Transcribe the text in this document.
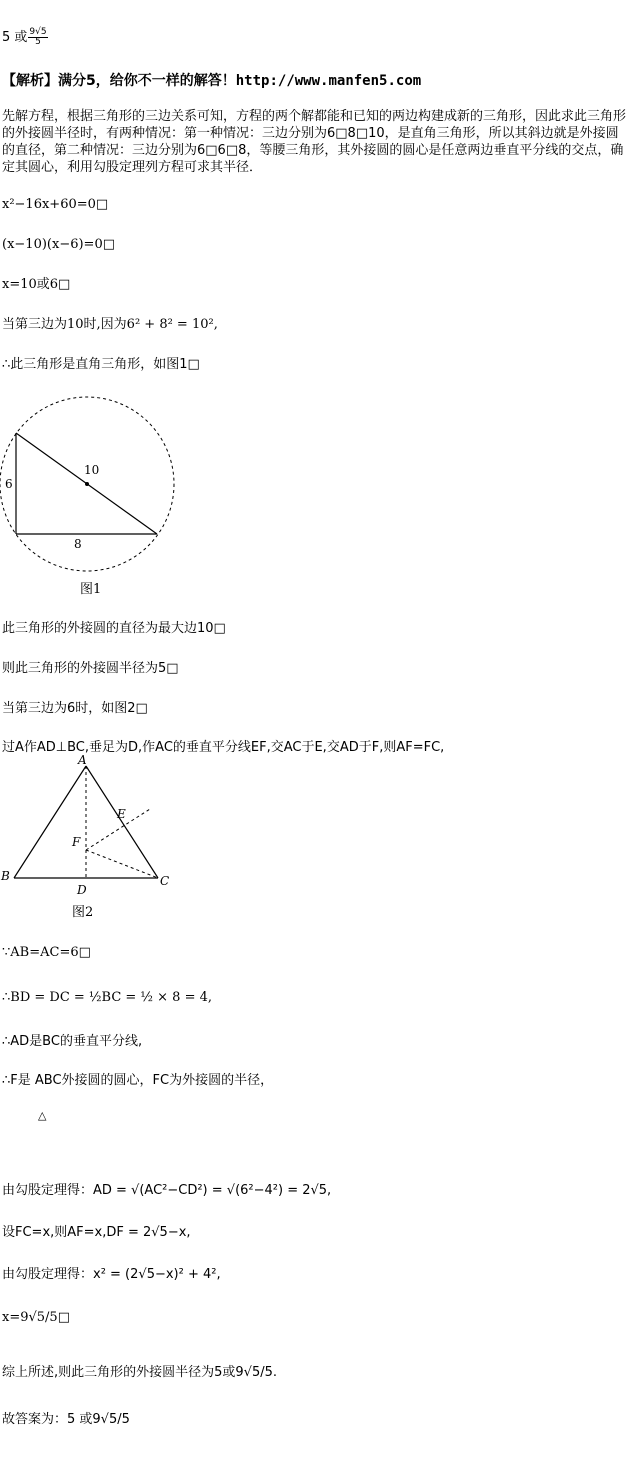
5 或 $\frac{9√5}{5}$
【解析】满分5，给你不一样的解答！http://www.manfen5.com
先解方程，根据三角形的三边关系可知，方程的两个解都能和已知的两边构建成新的三角形，因此求此三角形的外接圆半径时，有两种情况：第一种情况：三边分别为6□8□10，是直角三角形，所以其斜边就是外接圆的直径，第二种情况：三边分别为6□6□8，等腰三角形，其外接圆的圆心是任意两边垂直平分线的交点，确定其圆心，利用勾股定理列方程可求其半径．
x²−16x+60=0□
(x−10)(x−6)=0□
x=10或6□
当第三边为10时,因为6² + 8² = 10²,
∴此三角形是直角三角形，如图1□
6
8
10
图1
此三角形的外接圆的直径为最大边10□
则此三角形的外接圆半径为5□
当第三边为6时，如图2□
过A作AD⊥BC,垂足为D,作AC的垂直平分线EF,交AC于E,交AD于F,则AF=FC,
A
B	C
D
E
F
图2
∵AB=AC=6□
∴BD = DC = ½BC = ½ × 8 = 4,
∴AD是BC的垂直平分线,
∴F是 ABC外接圆的圆心，FC为外接圆的半径，
△
由勾股定理得：AD = √(AC²−CD²) = √(6²−4²) = 2√5,
设FC=x,则AF=x,DF = 2√5−x,
由勾股定理得：x² = (2√5−x)² + 4²,
x=9√5/5□
综上所述,则此三角形的外接圆半径为5或9√5/5.
故答案为：5 或9√5/5
